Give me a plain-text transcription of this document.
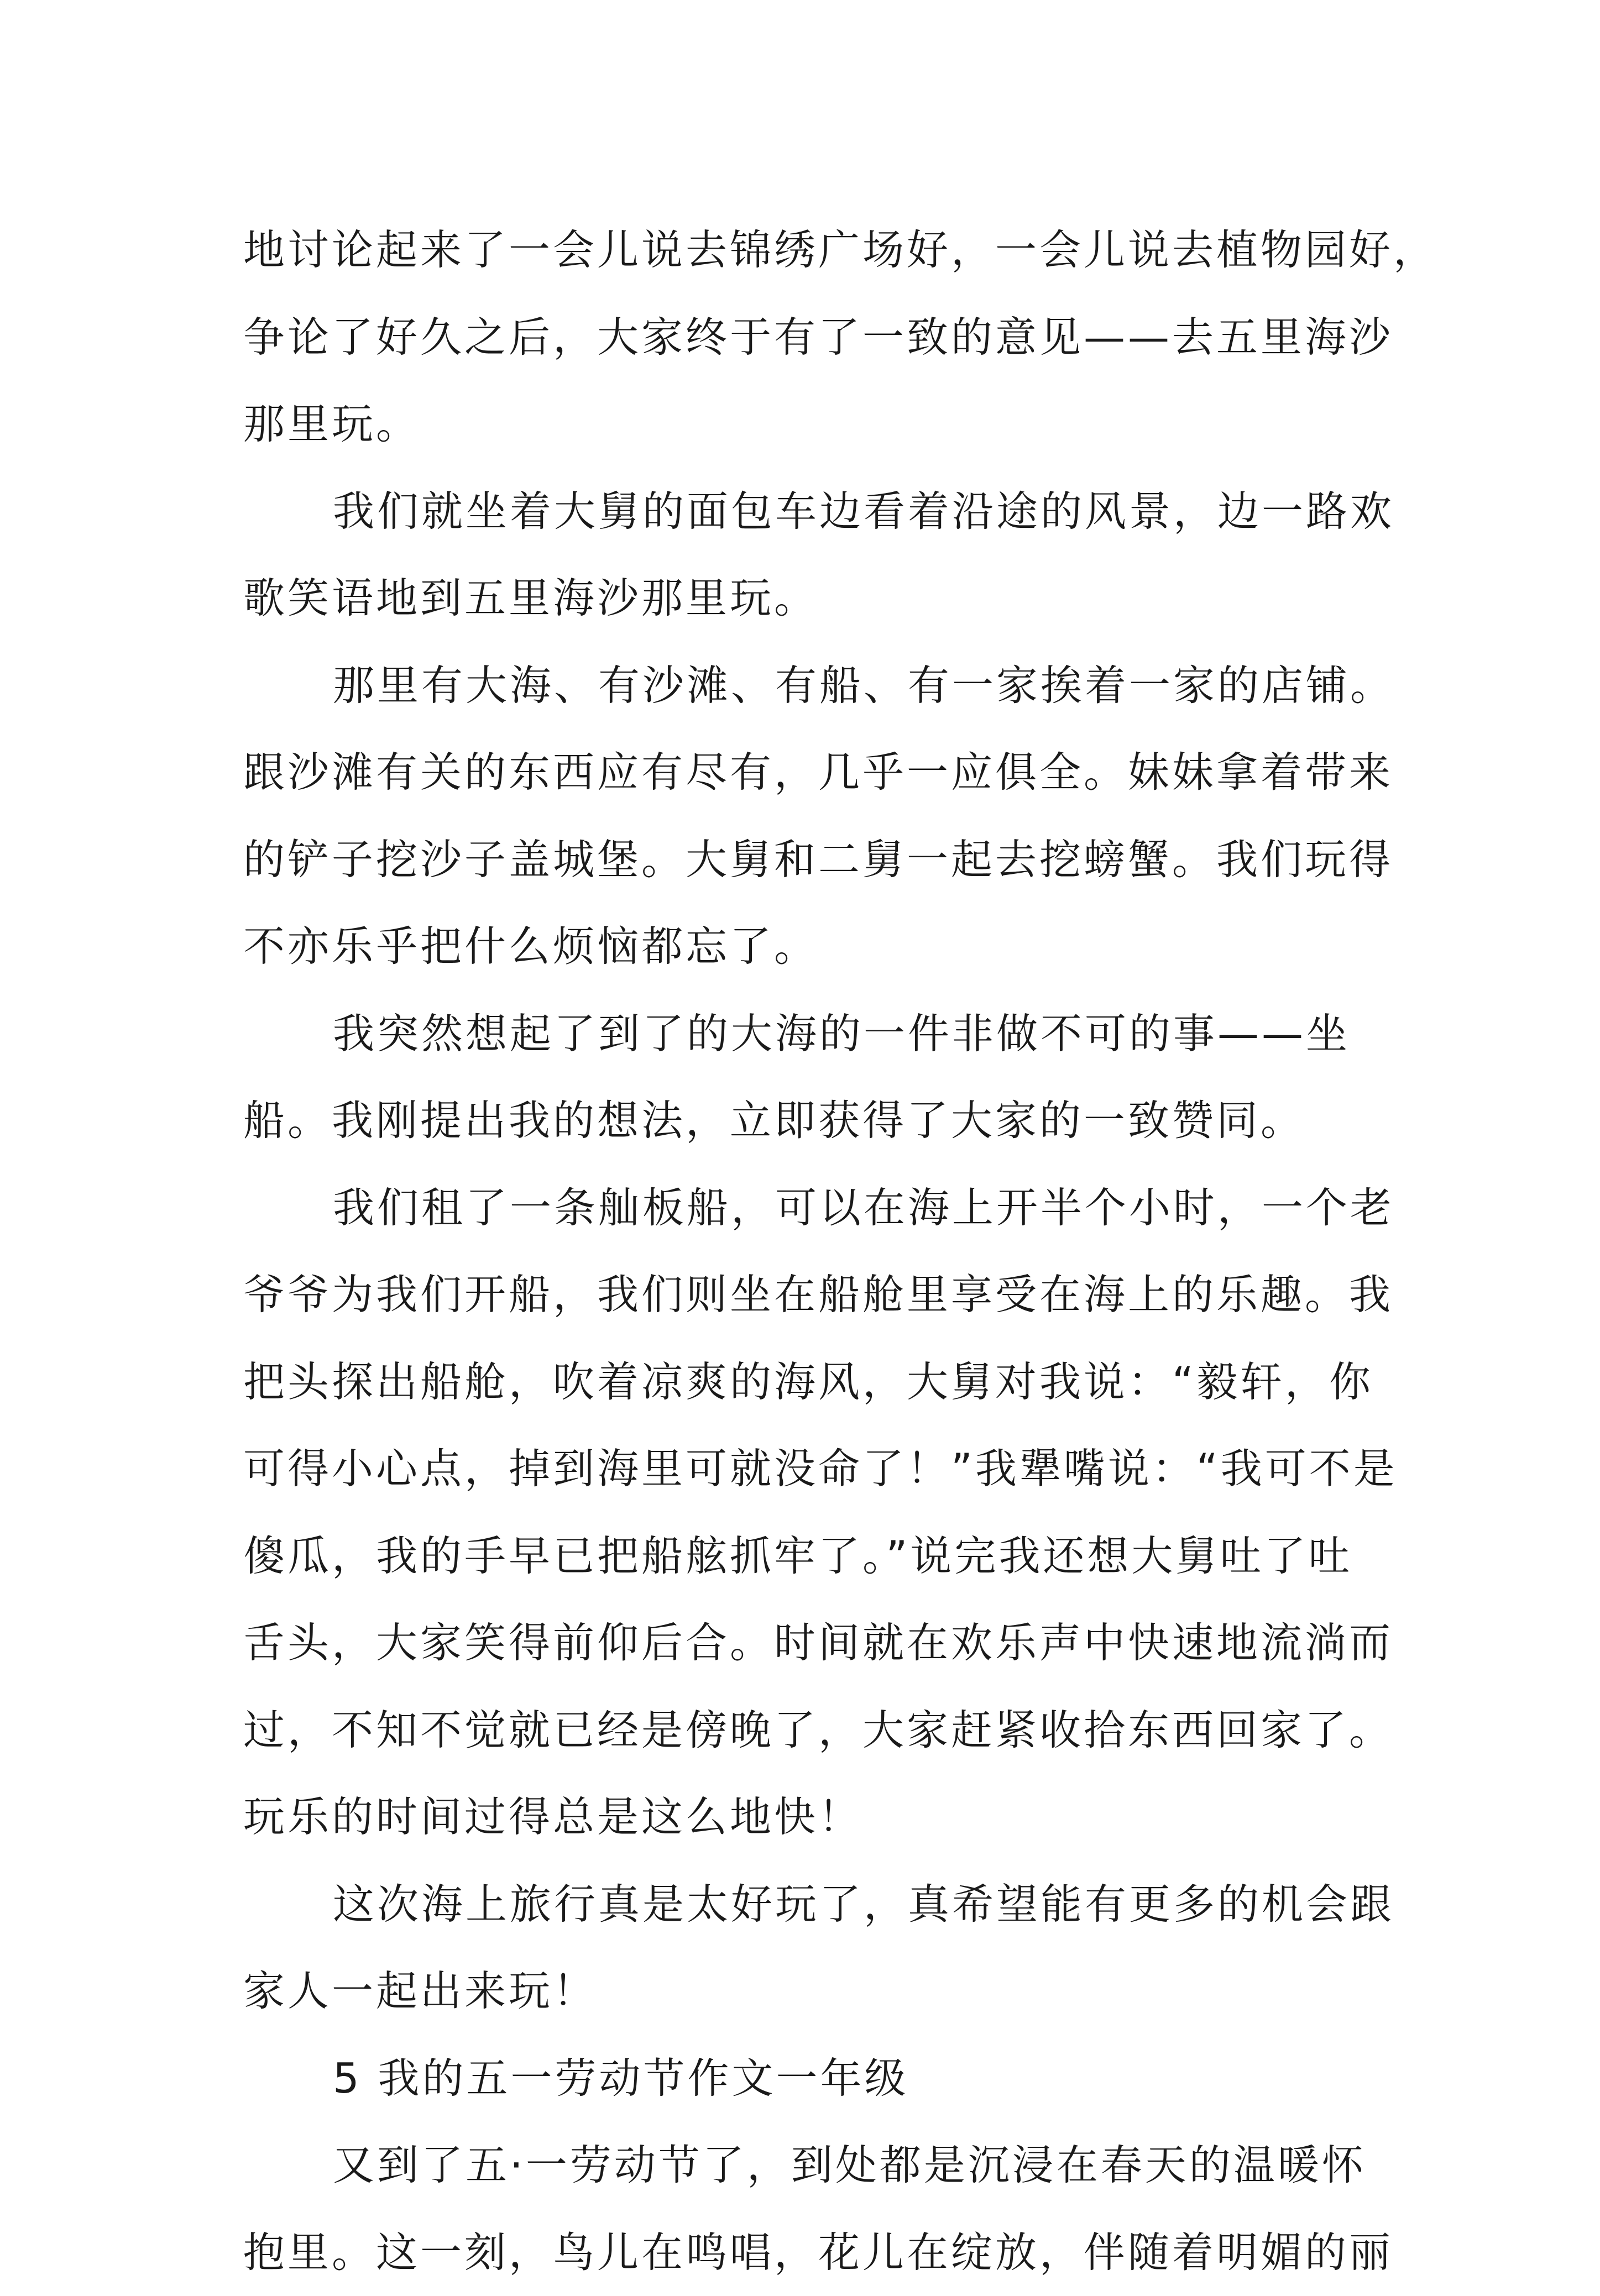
地讨论起来了一会儿说去锦绣广场好，一会儿说去植物园好，
争论了好久之后，大家终于有了一致的意见——去五里海沙
那里玩。
我们就坐着大舅的面包车边看着沿途的风景，边一路欢
歌笑语地到五里海沙那里玩。
那里有大海、有沙滩、有船、有一家挨着一家的店铺。
跟沙滩有关的东西应有尽有，几乎一应俱全。妹妹拿着带来
的铲子挖沙子盖城堡。大舅和二舅一起去挖螃蟹。我们玩得
不亦乐乎把什么烦恼都忘了。
我突然想起了到了的大海的一件非做不可的事——坐
船。我刚提出我的想法，立即获得了大家的一致赞同。
我们租了一条舢板船，可以在海上开半个小时，一个老
爷爷为我们开船，我们则坐在船舱里享受在海上的乐趣。我
把头探出船舱，吹着凉爽的海风，大舅对我说：“毅轩，你
可得小心点，掉到海里可就没命了！”我犟嘴说：“我可不是
傻瓜，我的手早已把船舷抓牢了。”说完我还想大舅吐了吐
舌头，大家笑得前仰后合。时间就在欢乐声中快速地流淌而
过，不知不觉就已经是傍晚了，大家赶紧收拾东西回家了。
玩乐的时间过得总是这么地快！
这次海上旅行真是太好玩了，真希望能有更多的机会跟
家人一起出来玩！
5 我的五一劳动节作文一年级
又到了五·一劳动节了，到处都是沉浸在春天的温暖怀
抱里。这一刻，鸟儿在鸣唱，花儿在绽放，伴随着明媚的丽
